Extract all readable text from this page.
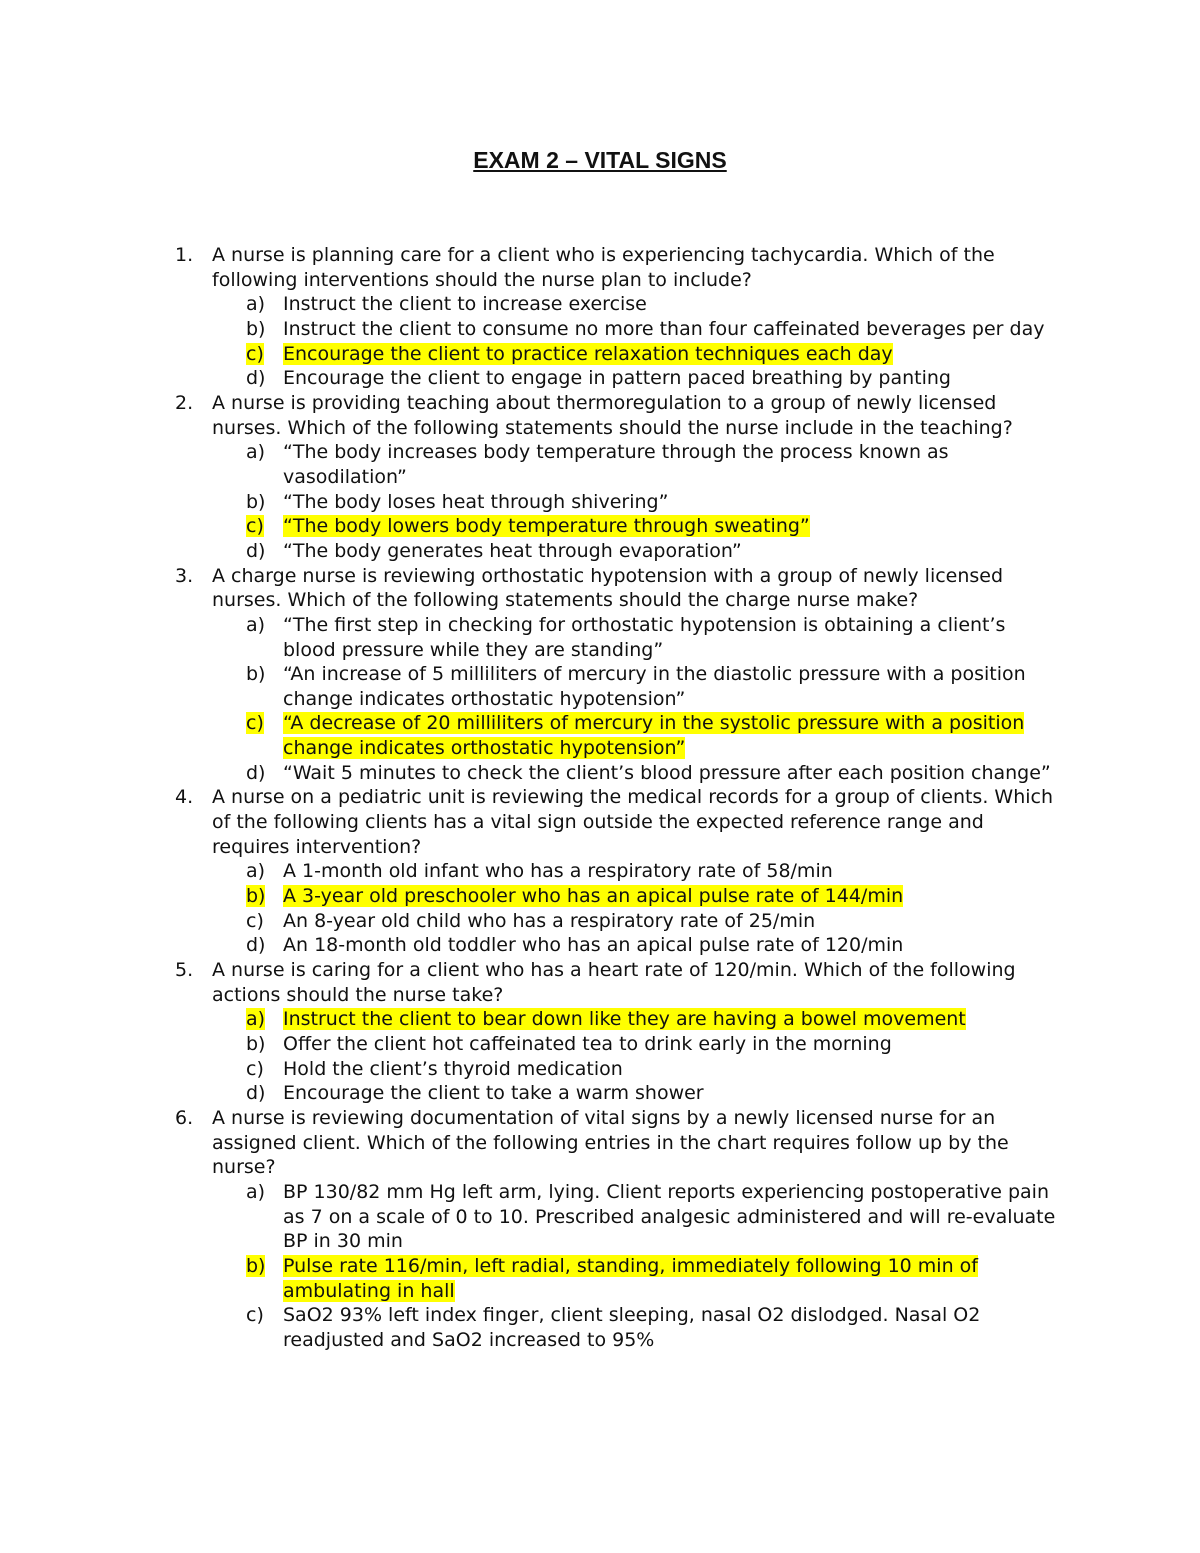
EXAM 2 – VITAL SIGNS
1. A nurse is planning care for a client who is experiencing tachycardia. Which of the following interventions should the nurse plan to include?
a) Instruct the client to increase exercise
b) Instruct the client to consume no more than four caffeinated beverages per day
c) Encourage the client to practice relaxation techniques each day
d) Encourage the client to engage in pattern paced breathing by panting
2. A nurse is providing teaching about thermoregulation to a group of newly licensed nurses. Which of the following statements should the nurse include in the teaching?
a) “The body increases body temperature through the process known as vasodilation”
b) “The body loses heat through shivering”
c) “The body lowers body temperature through sweating”
d) “The body generates heat through evaporation”
3. A charge nurse is reviewing orthostatic hypotension with a group of newly licensed nurses. Which of the following statements should the charge nurse make?
a) “The first step in checking for orthostatic hypotension is obtaining a client’s blood pressure while they are standing”
b) “An increase of 5 milliliters of mercury in the diastolic pressure with a position change indicates orthostatic hypotension”
c) “A decrease of 20 milliliters of mercury in the systolic pressure with a position change indicates orthostatic hypotension”
d) “Wait 5 minutes to check the client’s blood pressure after each position change”
4. A nurse on a pediatric unit is reviewing the medical records for a group of clients. Which of the following clients has a vital sign outside the expected reference range and requires intervention?
a) A 1-month old infant who has a respiratory rate of 58/min
b) A 3-year old preschooler who has an apical pulse rate of 144/min
c) An 8-year old child who has a respiratory rate of 25/min
d) An 18-month old toddler who has an apical pulse rate of 120/min
5. A nurse is caring for a client who has a heart rate of 120/min. Which of the following actions should the nurse take?
a) Instruct the client to bear down like they are having a bowel movement
b) Offer the client hot caffeinated tea to drink early in the morning
c) Hold the client’s thyroid medication
d) Encourage the client to take a warm shower
6. A nurse is reviewing documentation of vital signs by a newly licensed nurse for an assigned client. Which of the following entries in the chart requires follow up by the nurse?
a) BP 130/82 mm Hg left arm, lying. Client reports experiencing postoperative pain as 7 on a scale of 0 to 10. Prescribed analgesic administered and will re-evaluate BP in 30 min
b) Pulse rate 116/min, left radial, standing, immediately following 10 min of ambulating in hall
c) SaO2 93% left index finger, client sleeping, nasal O2 dislodged. Nasal O2 readjusted and SaO2 increased to 95%
